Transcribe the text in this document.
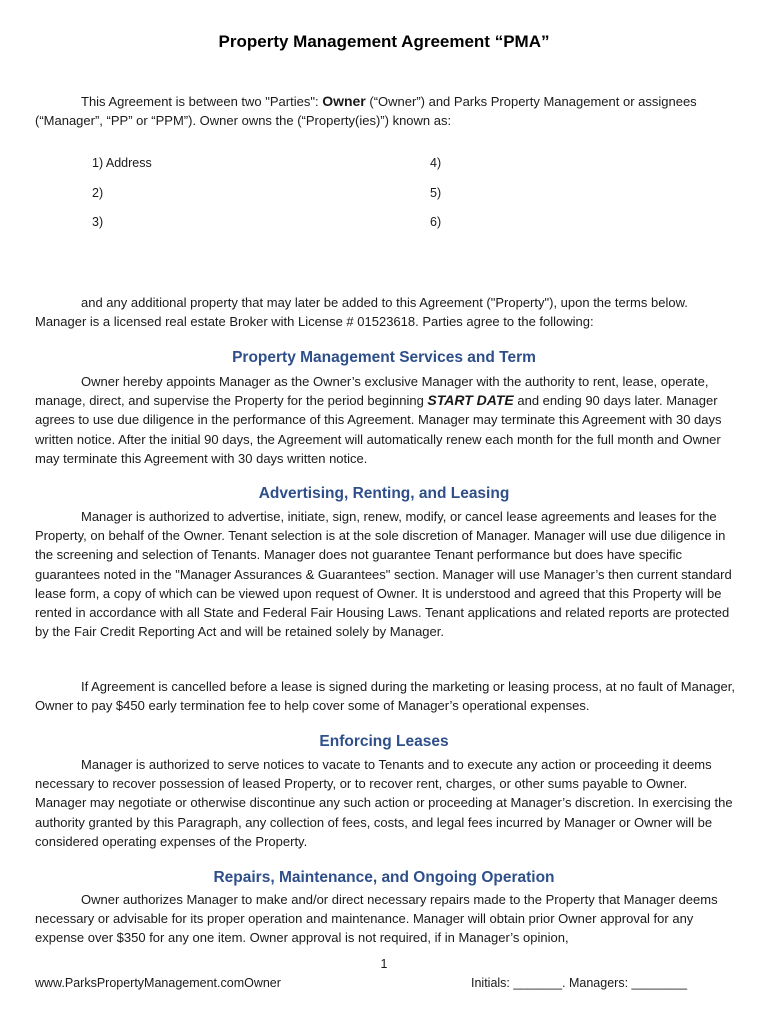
Property Management Agreement “PMA”

This Agreement is between two "Parties": Owner (“Owner”) and Parks Property Management or assignees (“Manager”, “PP” or “PPM”). Owner owns the (“Property(ies)”) known as:

1) Address
2)
3)
4)
5)
6)

and any additional property that may later be added to this Agreement ("Property"), upon the terms below. Manager is a licensed real estate Broker with License # 01523618. Parties agree to the following:

Property Management Services and Term

Owner hereby appoints Manager as the Owner’s exclusive Manager with the authority to rent, lease, operate, manage, direct, and supervise the Property for the period beginning START DATE and ending 90 days later. Manager agrees to use due diligence in the performance of this Agreement. Manager may terminate this Agreement with 30 days written notice. After the initial 90 days, the Agreement will automatically renew each month for the full month and Owner may terminate this Agreement with 30 days written notice.

Advertising, Renting, and Leasing

Manager is authorized to advertise, initiate, sign, renew, modify, or cancel lease agreements and leases for the Property, on behalf of the Owner. Tenant selection is at the sole discretion of Manager. Manager will use due diligence in the screening and selection of Tenants. Manager does not guarantee Tenant performance but does have specific guarantees noted in the "Manager Assurances & Guarantees" section. Manager will use Manager’s then current standard lease form, a copy of which can be viewed upon request of Owner. It is understood and agreed that this Property will be rented in accordance with all State and Federal Fair Housing Laws. Tenant applications and related reports are protected by the Fair Credit Reporting Act and will be retained solely by Manager.

If Agreement is cancelled before a lease is signed during the marketing or leasing process, at no fault of Manager, Owner to pay $450 early termination fee to help cover some of Manager’s operational expenses.

Enforcing Leases

Manager is authorized to serve notices to vacate to Tenants and to execute any action or proceeding it deems necessary to recover possession of leased Property, or to recover rent, charges, or other sums payable to Owner. Manager may negotiate or otherwise discontinue any such action or proceeding at Manager’s discretion. In exercising the authority granted by this Paragraph, any collection of fees, costs, and legal fees incurred by Manager or Owner will be considered operating expenses of the Property.

Repairs, Maintenance, and Ongoing Operation

Owner authorizes Manager to make and/or direct necessary repairs made to the Property that Manager deems necessary or advisable for its proper operation and maintenance. Manager will obtain prior Owner approval for any expense over $350 for any one item. Owner approval is not required, if in Manager’s opinion,

1
www.ParksPropertyManagement.comOwner	Initials: _______. Managers: ________
